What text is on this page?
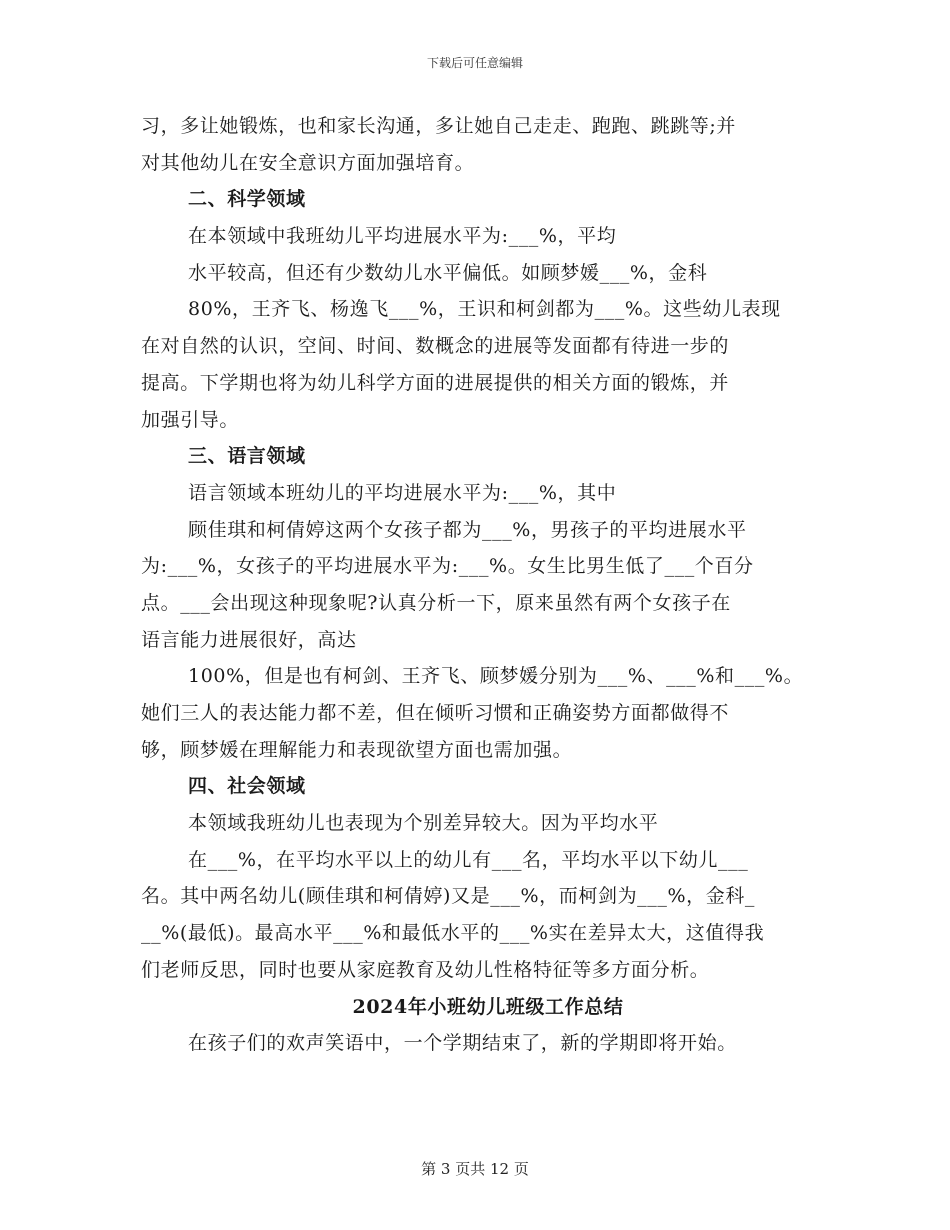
下载后可任意编辑
习，多让她锻炼，也和家长沟通，多让她自己走走、跑跑、跳跳等;并
对其他幼儿在安全意识方面加强培育。
二、科学领域
在本领域中我班幼儿平均进展水平为:___%，平均
水平较高，但还有少数幼儿水平偏低。如顾梦媛___%，金科
80%，王齐飞、杨逸飞___%，王识和柯剑都为___%。这些幼儿表现
在对自然的认识，空间、时间、数概念的进展等发面都有待进一步的
提高。下学期也将为幼儿科学方面的进展提供的相关方面的锻炼，并
加强引导。
三、语言领域
语言领域本班幼儿的平均进展水平为:___%，其中
顾佳琪和柯倩婷这两个女孩子都为___%，男孩子的平均进展水平
为:___%，女孩子的平均进展水平为:___%。女生比男生低了___个百分
点。___会出现这种现象呢?认真分析一下，原来虽然有两个女孩子在
语言能力进展很好，高达
100%，但是也有柯剑、王齐飞、顾梦媛分别为___%、___%和___%。
她们三人的表达能力都不差，但在倾听习惯和正确姿势方面都做得不
够，顾梦媛在理解能力和表现欲望方面也需加强。
四、社会领域
本领域我班幼儿也表现为个别差异较大。因为平均水平
在___%，在平均水平以上的幼儿有___名，平均水平以下幼儿___
名。其中两名幼儿(顾佳琪和柯倩婷)又是___%，而柯剑为___%，金科_
__%(最低)。最高水平___%和最低水平的___%实在差异太大，这值得我
们老师反思，同时也要从家庭教育及幼儿性格特征等多方面分析。
2024年小班幼儿班级工作总结
在孩子们的欢声笑语中，一个学期结束了，新的学期即将开始。
第 3 页共 12 页
